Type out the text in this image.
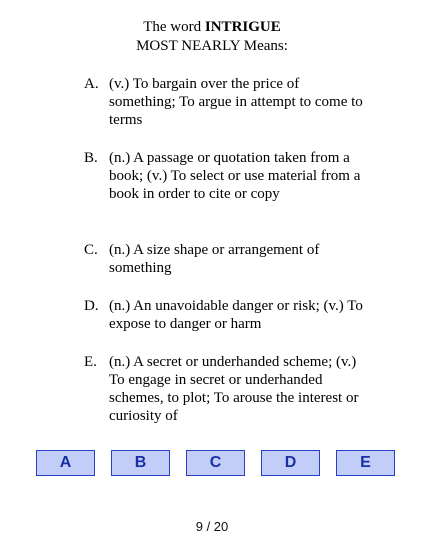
The word INTRIGUE
MOST NEARLY Means:
A. (v.) To bargain over the price of something; To argue in attempt to come to terms
B. (n.) A passage or quotation taken from a book; (v.) To select or use material from a book in order to cite or copy
C. (n.) A size shape or arrangement of something
D. (n.) An unavoidable danger or risk; (v.) To expose to danger or harm
E. (n.) A secret or underhanded scheme; (v.) To engage in secret or underhanded schemes, to plot; To arouse the interest or curiosity of
A	B	C	D	E
9 / 20
